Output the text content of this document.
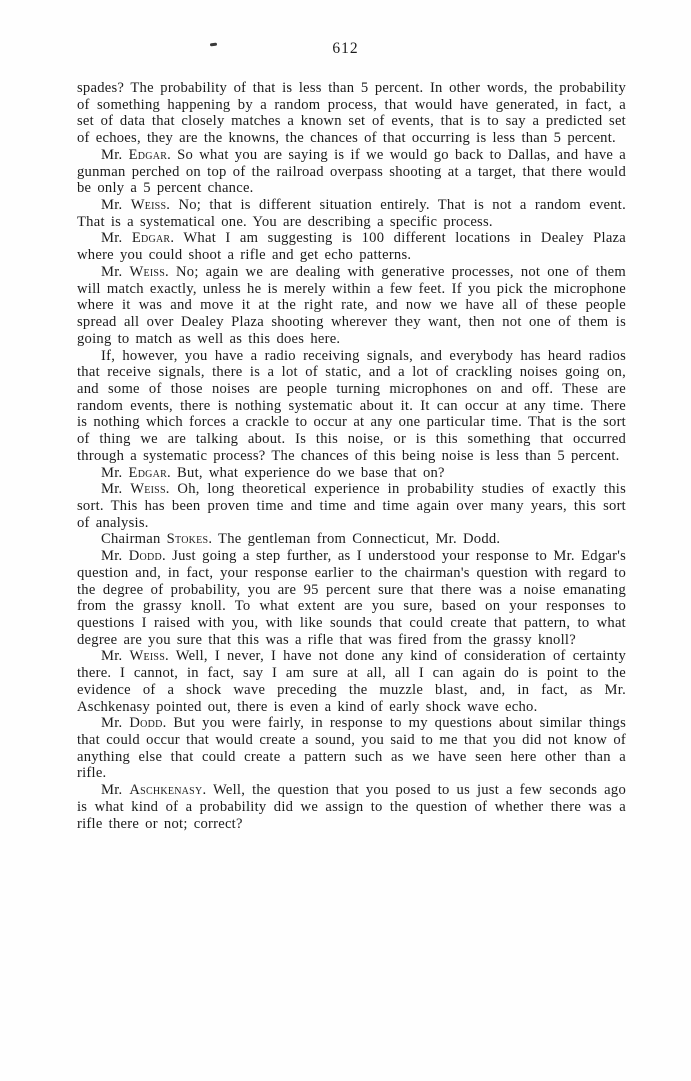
612

spades? The probability of that is less than 5 percent. In other words, the probability of something happening by a random process, that would have generated, in fact, a set of data that closely matches a known set of events, that is to say a predicted set of echoes, they are the knowns, the chances of that occurring is less than 5 percent.

Mr. Edgar. So what you are saying is if we would go back to Dallas, and have a gunman perched on top of the railroad overpass shooting at a target, that there would be only a 5 percent chance.

Mr. Weiss. No; that is different situation entirely. That is not a random event. That is a systematical one. You are describing a specific process.

Mr. Edgar. What I am suggesting is 100 different locations in Dealey Plaza where you could shoot a rifle and get echo patterns.

Mr. Weiss. No; again we are dealing with generative processes, not one of them will match exactly, unless he is merely within a few feet. If you pick the microphone where it was and move it at the right rate, and now we have all of these people spread all over Dealey Plaza shooting wherever they want, then not one of them is going to match as well as this does here.

If, however, you have a radio receiving signals, and everybody has heard radios that receive signals, there is a lot of static, and a lot of crackling noises going on, and some of those noises are people turning microphones on and off. These are random events, there is nothing systematic about it. It can occur at any time. There is nothing which forces a crackle to occur at any one particular time. That is the sort of thing we are talking about. Is this noise, or is this something that occurred through a systematic process? The chances of this being noise is less than 5 percent.

Mr. Edgar. But, what experience do we base that on?

Mr. Weiss. Oh, long theoretical experience in probability studies of exactly this sort. This has been proven time and time and time again over many years, this sort of analysis.

Chairman Stokes. The gentleman from Connecticut, Mr. Dodd.

Mr. Dodd. Just going a step further, as I understood your response to Mr. Edgar's question and, in fact, your response earlier to the chairman's question with regard to the degree of probability, you are 95 percent sure that there was a noise emanating from the grassy knoll. To what extent are you sure, based on your responses to questions I raised with you, with like sounds that could create that pattern, to what degree are you sure that this was a rifle that was fired from the grassy knoll?

Mr. Weiss. Well, I never, I have not done any kind of consideration of certainty there. I cannot, in fact, say I am sure at all, all I can again do is point to the evidence of a shock wave preceding the muzzle blast, and, in fact, as Mr. Aschkenasy pointed out, there is even a kind of early shock wave echo.

Mr. Dodd. But you were fairly, in response to my questions about similar things that could occur that would create a sound, you said to me that you did not know of anything else that could create a pattern such as we have seen here other than a rifle.

Mr. Aschkenasy. Well, the question that you posed to us just a few seconds ago is what kind of a probability did we assign to the question of whether there was a rifle there or not; correct?
